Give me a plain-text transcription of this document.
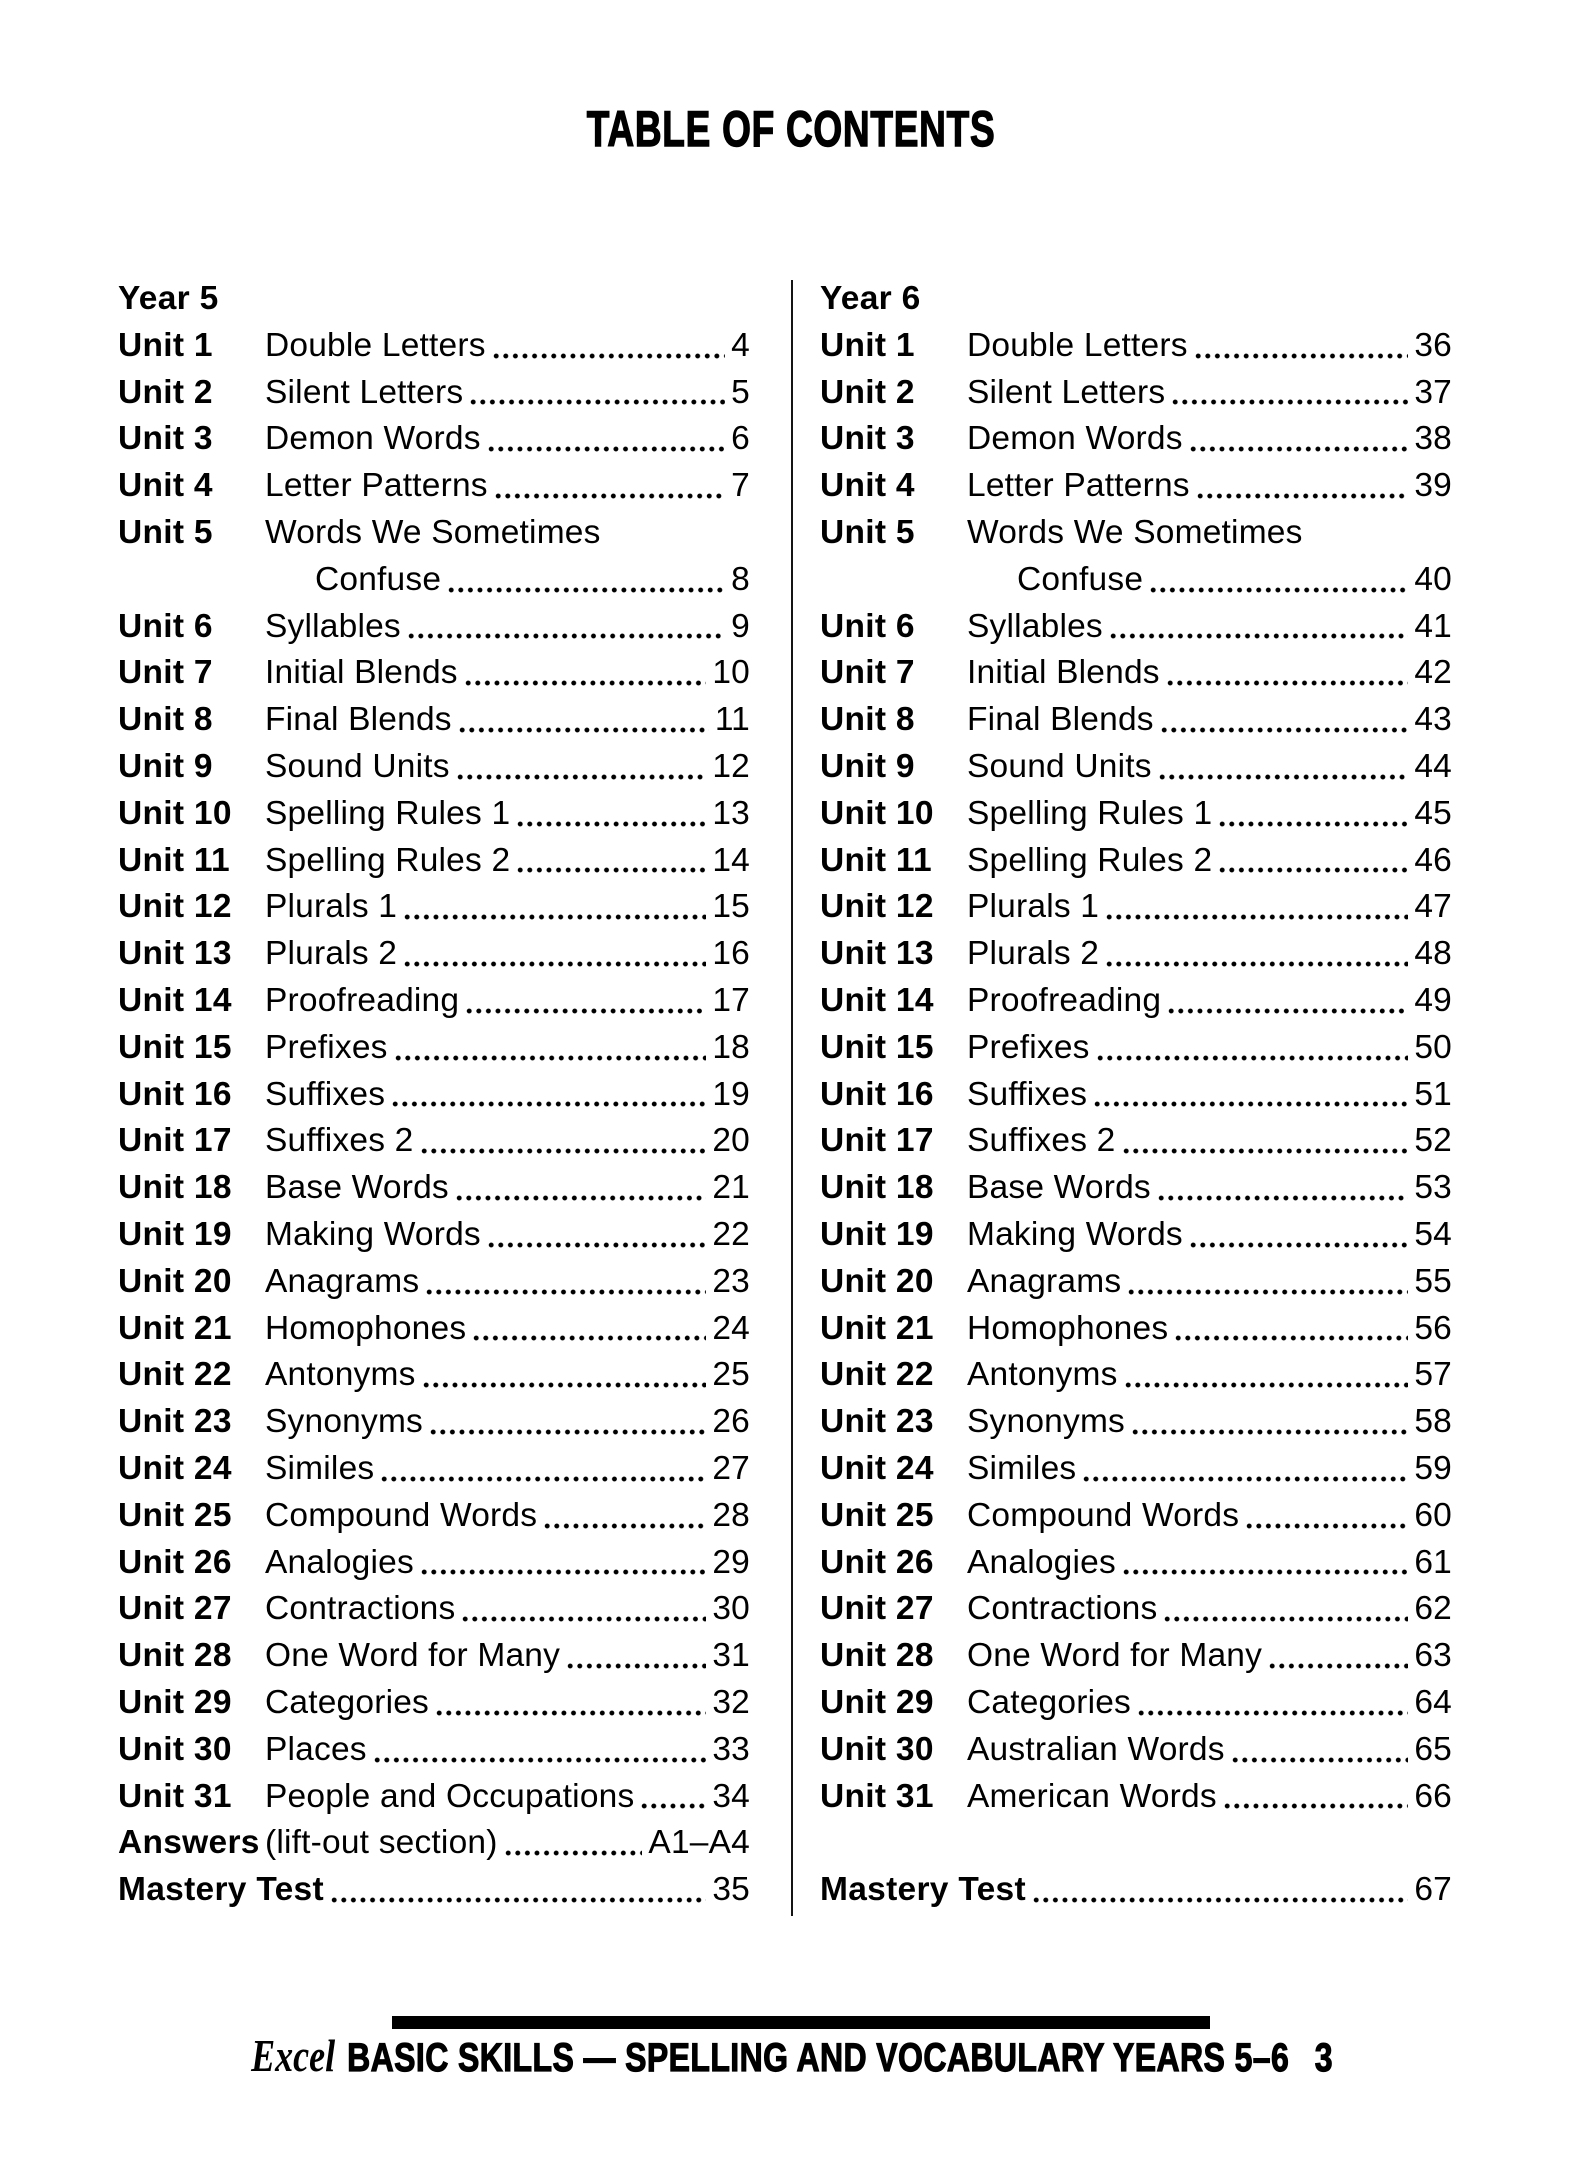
TABLE OF CONTENTS
Year 5
Unit 1	Double Letters	4
Unit 2	Silent Letters	5
Unit 3	Demon Words	6
Unit 4	Letter Patterns	7
Unit 5	Words We Sometimes
Confuse	8
Unit 6	Syllables	9
Unit 7	Initial Blends	10
Unit 8	Final Blends	11
Unit 9	Sound Units	12
Unit 10 Spelling Rules 1	13
Unit 11	Spelling Rules 2	14
Unit 12 Plurals 1	15
Unit 13 Plurals 2	16
Unit 14 Proofreading	17
Unit 15 Prefixes	18
Unit 16 Suffixes	19
Unit 17 Suffixes 2	20
Unit 18 Base Words	21
Unit 19 Making Words	22
Unit 20 Anagrams	23
Unit 21 Homophones	24
Unit 22 Antonyms	25
Unit 23 Synonyms	26
Unit 24 Similes	27
Unit 25 Compound Words	28
Unit 26 Analogies	29
Unit 27 Contractions	30
Unit 28 One Word for Many	31
Unit 29 Categories	32
Unit 30 Places	33
Unit 31 People and Occupations 34
Answers (lift-out section)	A1–A4
Mastery Test	35
Year 6
Unit 1	Double Letters	36
Unit 2	Silent Letters	37
Unit 3	Demon Words	38
Unit 4	Letter Patterns	39
Unit 5	Words We Sometimes
Confuse	40
Unit 6	Syllables	41
Unit 7	Initial Blends	42
Unit 8	Final Blends	43
Unit 9	Sound Units	44
Unit 10 Spelling Rules 1	45
Unit 11	Spelling Rules 2	46
Unit 12 Plurals 1	47
Unit 13 Plurals 2	48
Unit 14 Proofreading	49
Unit 15 Prefixes	50
Unit 16 Suffixes	51
Unit 17 Suffixes 2	52
Unit 18 Base Words	53
Unit 19 Making Words	54
Unit 20 Anagrams	55
Unit 21 Homophones	56
Unit 22 Antonyms	57
Unit 23 Synonyms	58
Unit 24 Similes	59
Unit 25 Compound Words	60
Unit 26 Analogies	61
Unit 27 Contractions	62
Unit 28 One Word for Many	63
Unit 29 Categories	64
Unit 30 Australian Words	65
Unit 31 American Words	66
Mastery Test	67
Excel BASIC SKILLS — SPELLING AND VOCABULARY YEARS 5–6 3
